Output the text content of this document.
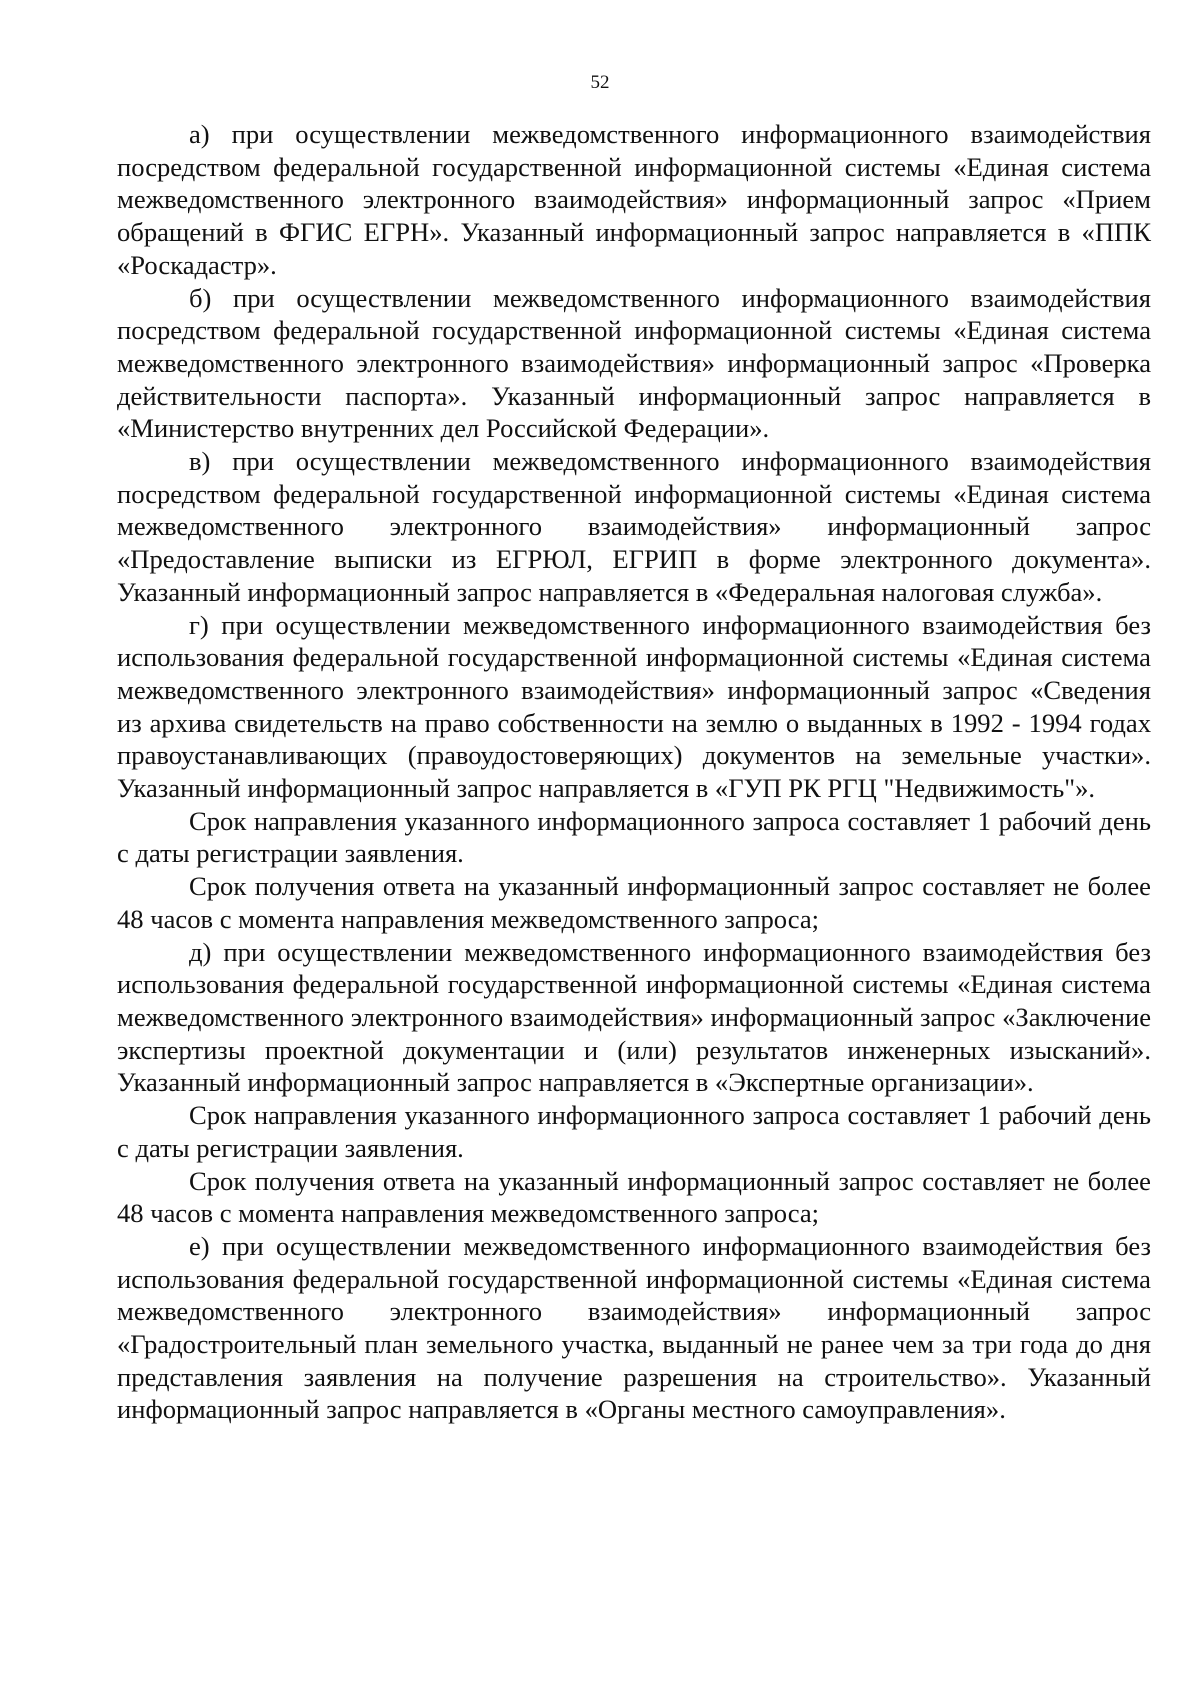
52

а) при осуществлении межведомственного информационного взаимодействия посредством федеральной государственной информационной системы «Единая система межведомственного электронного взаимодействия» информационный запрос «Прием обращений в ФГИС ЕГРН». Указанный информационный запрос направляется в «ППК «Роскадастр».

б) при осуществлении межведомственного информационного взаимодействия посредством федеральной государственной информационной системы «Единая система межведомственного электронного взаимодействия» информационный запрос «Проверка действительности паспорта». Указанный информационный запрос направляется в «Министерство внутренних дел Российской Федерации».

в) при осуществлении межведомственного информационного взаимодействия посредством федеральной государственной информационной системы «Единая система межведомственного электронного взаимодействия» информационный запрос «Предоставление выписки из ЕГРЮЛ, ЕГРИП в форме электронного документа». Указанный информационный запрос направляется в «Федеральная налоговая служба».

г) при осуществлении межведомственного информационного взаимодействия без использования федеральной государственной информационной системы «Единая система межведомственного электронного взаимодействия» информационный запрос «Сведения из архива свидетельств на право собственности на землю о выданных в 1992 - 1994 годах правоустанавливающих (правоудостоверяющих) документов на земельные участки». Указанный информационный запрос направляется в «ГУП РК РГЦ "Недвижимость"».

Срок направления указанного информационного запроса составляет 1 рабочий день с даты регистрации заявления.

Срок получения ответа на указанный информационный запрос составляет не более 48 часов с момента направления межведомственного запроса;

д) при осуществлении межведомственного информационного взаимодействия без использования федеральной государственной информационной системы «Единая система межведомственного электронного взаимодействия» информационный запрос «Заключение экспертизы проектной документации и (или) результатов инженерных изысканий». Указанный информационный запрос направляется в «Экспертные организации».

Срок направления указанного информационного запроса составляет 1 рабочий день с даты регистрации заявления.

Срок получения ответа на указанный информационный запрос составляет не более 48 часов с момента направления межведомственного запроса;

е) при осуществлении межведомственного информационного взаимодействия без использования федеральной государственной информационной системы «Единая система межведомственного электронного взаимодействия» информационный запрос «Градостроительный план земельного участка, выданный не ранее чем за три года до дня представления заявления на получение разрешения на строительство». Указанный информационный запрос направляется в «Органы местного самоуправления».
